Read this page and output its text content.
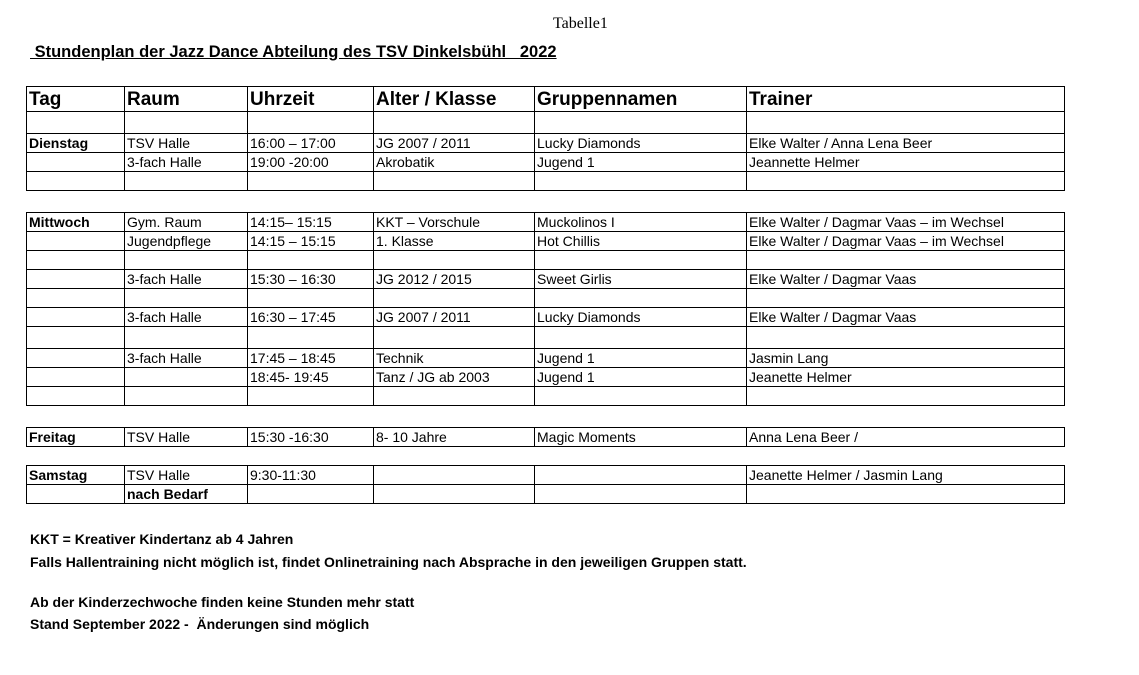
Tabelle1
Stundenplan der Jazz Dance Abteilung des TSV Dinkelsbühl   2022
Tag	Raum	Uhrzeit	Alter / Klasse	Gruppennamen	Trainer

Dienstag	TSV Halle	16:00 – 17:00	JG 2007 / 2011	Lucky Diamonds	Elke Walter / Anna Lena Beer
	3-fach Halle	19:00 -20:00	Akrobatik	Jugend 1	Jeannette Helmer

Mittwoch	Gym. Raum	14:15– 15:15	KKT – Vorschule	Muckolinos I	Elke Walter / Dagmar Vaas – im Wechsel
	Jugendpflege	14:15 – 15:15	1. Klasse	Hot Chillis	Elke Walter / Dagmar Vaas – im Wechsel

	3-fach Halle	15:30 – 16:30	JG 2012 / 2015	Sweet Girlis	Elke Walter / Dagmar Vaas

	3-fach Halle	16:30 – 17:45	JG 2007 / 2011	Lucky Diamonds	Elke Walter / Dagmar Vaas

	3-fach Halle	17:45 – 18:45	Technik	Jugend 1	Jasmin Lang
		18:45- 19:45	Tanz / JG ab 2003	Jugend 1	Jeanette Helmer

Freitag	TSV Halle	15:30 -16:30	8- 10 Jahre	Magic Moments	Anna Lena Beer /
Samstag	TSV Halle	9:30-11:30			Jeanette Helmer / Jasmin Lang
	nach Bedarf				
KKT = Kreativer Kindertanz ab 4 Jahren
Falls Hallentraining nicht möglich ist, findet Onlinetraining nach Absprache in den jeweiligen Gruppen statt.
Ab der Kinderzechwoche finden keine Stunden mehr statt
Stand September 2022 -  Änderungen sind möglich
